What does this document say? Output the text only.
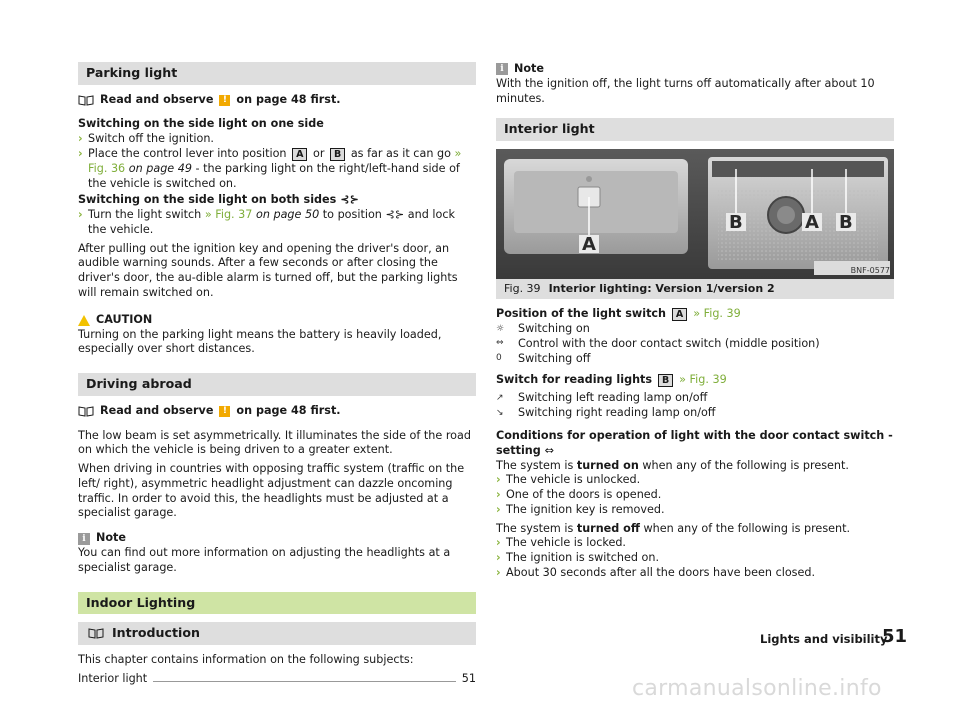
Parking light
Read and observe	! on page 48 first.
Switching on the side light on one side
› Switch off the ignition.
› Place the control lever into position A or B as far as it can go » Fig. 36 on page 49 - the parking light on the right/left-hand side of the vehicle is switched on.
Switching on the side light on both sides ⊰⊱
› Turn the light switch » Fig. 37 on page 50 to position ⊰⊱ and lock the vehicle.

After pulling out the ignition key and opening the driver's door, an audible warning sounds. After a few seconds or after closing the driver's door, the au-dible alarm is turned off, but the parking lights will remain switched on.

CAUTION

Turning on the parking light means the battery is heavily loaded, especially over short distances.

Driving abroad
Read and observe	! on page 48 first.

The low beam is set asymmetrically. It illuminates the side of the road on which the vehicle is being driven to a greater extent.

When driving in countries with opposing traffic system (traffic on the left/ right), asymmetric headlight adjustment can dazzle oncoming traffic. In order to avoid this, the headlights must be adjusted at a specialist garage.

i Note

You can find out more information on adjusting the headlights at a specialist garage.

Indoor Lighting
Introduction

This chapter contains information on the following subjects:

Interior light	51
i Note

With the ignition off, the light turns off automatically after about 10 minutes.

Interior light
A
B	A B
BNF-0577
Fig. 39 Interior lighting: Version 1/version 2
Position of the light switch A » Fig. 39
☼	Switching on
⇔	Control with the door contact switch (middle position)
0	Switching off
Switch for reading lights B » Fig. 39
↗	Switching left reading lamp on/off
↘	Switching right reading lamp on/off
Conditions for operation of light with the door contact switch - setting ⇔

The system is turned on when any of the following is present.

› The vehicle is unlocked.
› One of the doors is opened.
› The ignition key is removed.

The system is turned off when any of the following is present.

› The vehicle is locked.
› The ignition is switched on.
› About 30 seconds after all the doors have been closed.
Lights and visibility
51
carmanualsonline.info
